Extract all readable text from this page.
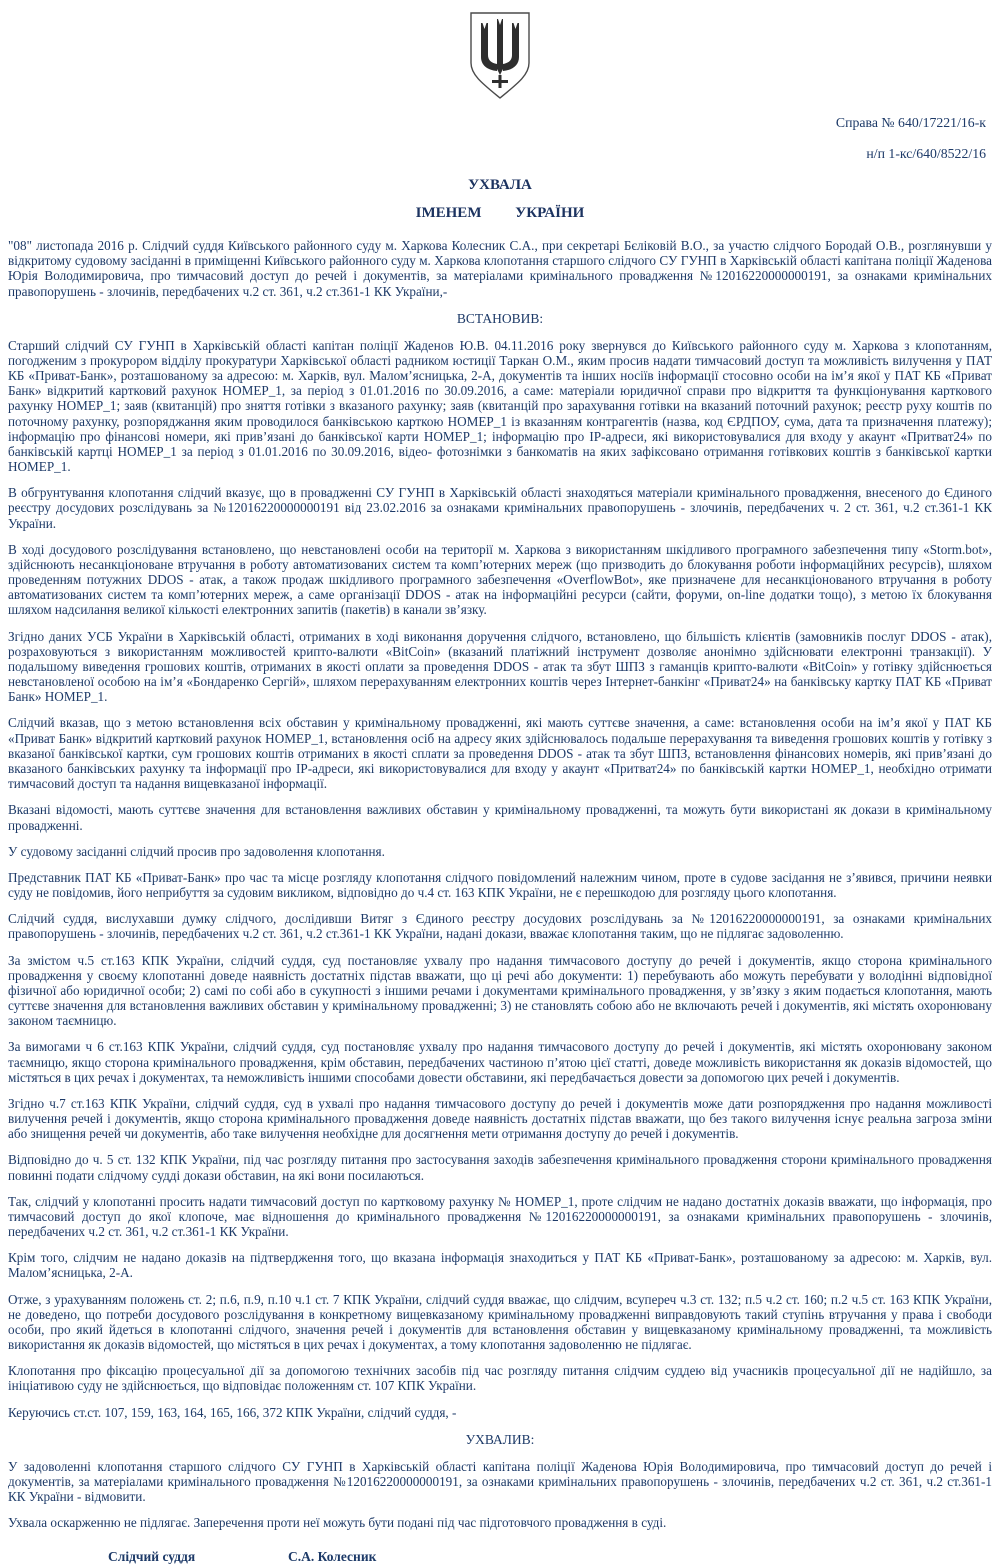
Справа № 640/17221/16-к

н/п 1-кс/640/8522/16

УХВАЛА
ІМЕНЕМ УКРАЇНИ

"08" листопада 2016 р. Слідчий суддя Київського районного суду м. Харкова Колесник С.А., при секретарі Бєліковій В.О., за участю слідчого Бородай О.В., розглянувши у відкритому судовому засіданні в приміщенні Київського районного суду м. Харкова клопотання старшого слідчого СУ ГУНП в Харківській області капітана поліції Жаденова Юрія Володимировича, про тимчасовий доступ до речей і документів, за матеріалами кримінального провадження №12016220000000191, за ознаками кримінальних правопорушень - злочинів, передбачених ч.2 ст. 361, ч.2 ст.361-1 КК України,-

ВСТАНОВИВ:

Старший слідчий СУ ГУНП в Харківській області капітан поліції Жаденов Ю.В. 04.11.2016 року звернувся до Київського районного суду м. Харкова з клопотанням, погодженим з прокурором відділу прокуратури Харківської області радником юстиції Таркан О.М., яким просив надати тимчасовий доступ та можливість вилучення у ПАТ КБ «Приват-Банк», розташованому за адресою: м. Харків, вул. Малом’ясницька, 2-А, документів та інших носіїв інформації стосовно особи на ім’я якої у ПАТ КБ «Приват Банк» відкритий картковий рахунок НОМЕР_1, за період з 01.01.2016 по 30.09.2016, а саме: матеріали юридичної справи про відкриття та функціонування карткового рахунку НОМЕР_1; заяв (квитанцій) про зняття готівки з вказаного рахунку; заяв (квитанцій про зарахування готівки на вказаний поточний рахунок; реєстр руху коштів по поточному рахунку, розпоряджання яким проводилося банківською карткою НОМЕР_1 із вказанням контрагентів (назва, код ЄРДПОУ, сума, дата та призначення платежу); інформацію про фінансові номери, які прив’язані до банківської карти НОМЕР_1; інформацію про ІР-адреси, які використовувалися для входу у акаунт «Притват24» по банківській картці НОМЕР_1 за період з 01.01.2016 по 30.09.2016, відео- фотознімки з банкоматів на яких зафіксовано отримання готівкових коштів з банківської картки НОМЕР_1.

В обгрунтування клопотання слідчий вказує, що в провадженні СУ ГУНП в Харківській області знаходяться матеріали кримінального провадження, внесеного до Єдиного реєстру досудових розслідувань за №12016220000000191 від 23.02.2016 за ознаками кримінальних правопорушень - злочинів, передбачених ч. 2 ст. 361, ч.2 ст.361-1 КК України.

В ході досудового розслідування встановлено, що невстановлені особи на території м. Харкова з використанням шкідливого програмного забезпечення типу «Storm.bot», здійснюють несанкціоноване втручання в роботу автоматизованих систем та комп’ютерних мереж (що призводить до блокування роботи інформаційних ресурсів), шляхом проведенням потужних DDOS - атак, а також продаж шкідливого програмного забезпечення «OverflowBot», яке призначене для несанкціонованого втручання в роботу автоматизованих систем та комп’ютерних мереж, а саме організації DDOS - атак на інформаційні ресурси (сайти, форуми, on-line додатки тощо), з метою їх блокування шляхом надсилання великої кількості електронних запитів (пакетів) в канали зв’язку.

Згідно даних УСБ України в Харківській області, отриманих в ході виконання доручення слідчого, встановлено, що більшість клієнтів (замовників послуг DDOS - атак), розраховуються з використанням можливостей крипто-валюти «BitCoin» (вказаний платіжний інструмент дозволяє анонімно здійснювати електронні транзакції). У подальшому виведення грошових коштів, отриманих в якості оплати за проведення DDOS - атак та збут ШПЗ з гаманців крипто-валюти «BitCoin» у готівку здійснюється невстановленої особою на ім’я «Бондаренко Сергій», шляхом перерахуванням електронних коштів через Інтернет-банкінг «Приват24» на банківську картку ПАТ КБ «Приват Банк» НОМЕР_1.

Слідчий вказав, що з метою встановлення всіх обставин у кримінальному провадженні, які мають суттєве значення, а саме: встановлення особи на ім’я якої у ПАТ КБ «Приват Банк» відкритий картковий рахунок НОМЕР_1, встановлення осіб на адресу яких здійснювалось подальше перерахування та виведення грошових коштів у готівку з вказаної банківської картки, сум грошових коштів отриманих в якості сплати за проведення DDOS - атак та збут ШПЗ, встановлення фінансових номерів, які прив’язані до вказаного банківських рахунку та інформації про IP-адреси, які використовувалися для входу у акаунт «Притват24» по банківській картки НОМЕР_1, необхідно отримати тимчасовий доступ та надання вищевказаної інформації.

Вказані відомості, мають суттєве значення для встановлення важливих обставин у кримінальному провадженні, та можуть бути використані як докази в кримінальному провадженні.

У судовому засіданні слідчий просив про задоволення клопотання.

Представник ПАТ КБ «Приват-Банк» про час та місце розгляду клопотання слідчого повідомлений належним чином, проте в судове засідання не з’явився, причини неявки суду не повідомив, його неприбуття за судовим викликом, відповідно до ч.4 ст. 163 КПК України, не є перешкодою для розгляду цього клопотання.

Слідчий суддя, вислухавши думку слідчого, дослідивши Витяг з Єдиного реєстру досудових розслідувань за №12016220000000191, за ознаками кримінальних правопорушень - злочинів, передбачених ч.2 ст. 361, ч.2 ст.361-1 КК України, надані докази, вважає клопотання таким, що не підлягає задоволенню.

За змістом ч.5 ст.163 КПК України, слідчий суддя, суд постановляє ухвалу про надання тимчасового доступу до речей і документів, якщо сторона кримінального провадження у своєму клопотанні доведе наявність достатніх підстав вважати, що ці речі або документи: 1) перебувають або можуть перебувати у володінні відповідної фізичної або юридичної особи; 2) самі по собі або в сукупності з іншими речами і документами кримінального провадження, у зв’язку з яким подається клопотання, мають суттєве значення для встановлення важливих обставин у кримінальному провадженні; 3) не становлять собою або не включають речей і документів, які містять охоронювану законом таємницю.

За вимогами ч 6 ст.163 КПК України, слідчий суддя, суд постановляє ухвалу про надання тимчасового доступу до речей і документів, які містять охоронювану законом таємницю, якщо сторона кримінального провадження, крім обставин, передбачених частиною п’ятою цієї статті, доведе можливість використання як доказів відомостей, що містяться в цих речах і документах, та неможливість іншими способами довести обставини, які передбачається довести за допомогою цих речей і документів.

Згідно ч.7 ст.163 КПК України, слідчий суддя, суд в ухвалі про надання тимчасового доступу до речей і документів може дати розпорядження про надання можливості вилучення речей і документів, якщо сторона кримінального провадження доведе наявність достатніх підстав вважати, що без такого вилучення існує реальна загроза зміни або знищення речей чи документів, або таке вилучення необхідне для досягнення мети отримання доступу до речей і документів.

Відповідно до ч. 5 ст. 132 КПК України, під час розгляду питання про застосування заходів забезпечення кримінального провадження сторони кримінального провадження повинні подати слідчому судді докази обставин, на які вони посилаються.

Так, слідчий у клопотанні просить надати тимчасовий доступ по картковому рахунку № НОМЕР_1, проте слідчим не надано достатніх доказів вважати, що інформація, про тимчасовий доступ до якої клопоче, має відношення до кримінального провадження №12016220000000191, за ознаками кримінальних правопорушень - злочинів, передбачених ч.2 ст. 361, ч.2 ст.361-1 КК України.

Крім того, слідчим не надано доказів на підтвердження того, що вказана інформація знаходиться у ПАТ КБ «Приват-Банк», розташованому за адресою: м. Харків, вул. Малом’ясницька, 2-А.

Отже, з урахуванням положень ст. 2; п.6, п.9, п.10 ч.1 ст. 7 КПК України, слідчий суддя вважає, що слідчим, всупереч ч.3 ст. 132; п.5 ч.2 ст. 160; п.2 ч.5 ст. 163 КПК України, не доведено, що потреби досудового розслідування в конкретному вищевказаному кримінальному провадженні виправдовують такий ступінь втручання у права і свободи особи, про який йдеться в клопотанні слідчого, значення речей і документів для встановлення обставин у вищевказаному кримінальному провадженні, та можливість використання як доказів відомостей, що містяться в цих речах і документах, а тому клопотання задоволенню не підлягає.

Клопотання про фіксацію процесуальної дії за допомогою технічних засобів під час розгляду питання слідчим суддею від учасників процесуальної дії не надійшло, за ініціативою суду не здійснюється, що відповідає положенням ст. 107 КПК України.

Керуючись ст.ст. 107, 159, 163, 164, 165, 166, 372 КПК України, слідчий суддя, -

УХВАЛИВ:

У задоволенні клопотання старшого слідчого СУ ГУНП в Харківській області капітана поліції Жаденова Юрія Володимировича, про тимчасовий доступ до речей і документів, за матеріалами кримінального провадження №12016220000000191, за ознаками кримінальних правопорушень - злочинів, передбачених ч.2 ст. 361, ч.2 ст.361-1 КК України - відмовити.

Ухвала оскарженню не підлягає. Заперечення проти неї можуть бути подані під час підготовчого провадження в суді.

Слідчий суддя	С.А. Колесник
